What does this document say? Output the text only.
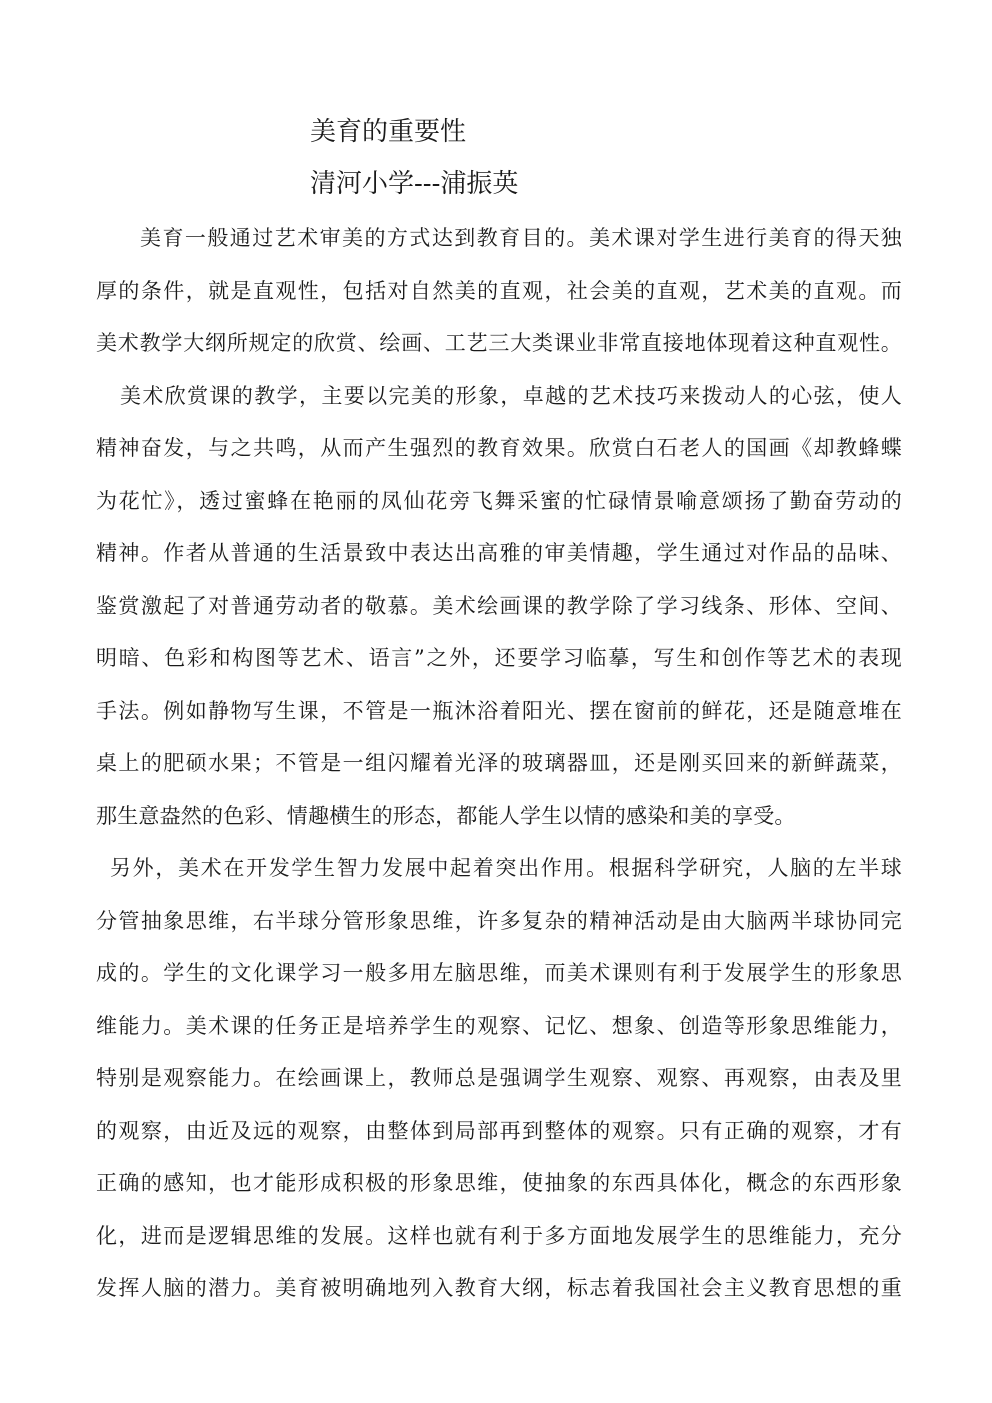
美育的重要性
清河小学---浦振英
美育一般通过艺术审美的方式达到教育目的。美术课对学生进行美育的得天独
厚的条件，就是直观性，包括对自然美的直观，社会美的直观，艺术美的直观。而
美术教学大纲所规定的欣赏、绘画、工艺三大类课业非常直接地体现着这种直观性。
美术欣赏课的教学，主要以完美的形象，卓越的艺术技巧来拨动人的心弦，使人
精神奋发，与之共鸣，从而产生强烈的教育效果。欣赏白石老人的国画《却教蜂蝶
为花忙》，透过蜜蜂在艳丽的凤仙花旁飞舞采蜜的忙碌情景喻意颂扬了勤奋劳动的
精神。作者从普通的生活景致中表达出高雅的审美情趣，学生通过对作品的品味、
鉴赏激起了对普通劳动者的敬慕。美术绘画课的教学除了学习线条、形体、空间、
明暗、色彩和构图等艺术、语言”之外，还要学习临摹，写生和创作等艺术的表现
手法。例如静物写生课，不管是一瓶沐浴着阳光、摆在窗前的鲜花，还是随意堆在
桌上的肥硕水果；不管是一组闪耀着光泽的玻璃器皿，还是刚买回来的新鲜蔬菜，
那生意盎然的色彩、情趣横生的形态，都能人学生以情的感染和美的享受。
另外，美术在开发学生智力发展中起着突出作用。根据科学研究，人脑的左半球
分管抽象思维，右半球分管形象思维，许多复杂的精神活动是由大脑两半球协同完
成的。学生的文化课学习一般多用左脑思维，而美术课则有利于发展学生的形象思
维能力。美术课的任务正是培养学生的观察、记忆、想象、创造等形象思维能力，
特别是观察能力。在绘画课上，教师总是强调学生观察、观察、再观察，由表及里
的观察，由近及远的观察，由整体到局部再到整体的观察。只有正确的观察，才有
正确的感知，也才能形成积极的形象思维，使抽象的东西具体化，概念的东西形象
化，进而是逻辑思维的发展。这样也就有利于多方面地发展学生的思维能力，充分
发挥人脑的潜力。美育被明确地列入教育大纲，标志着我国社会主义教育思想的重
